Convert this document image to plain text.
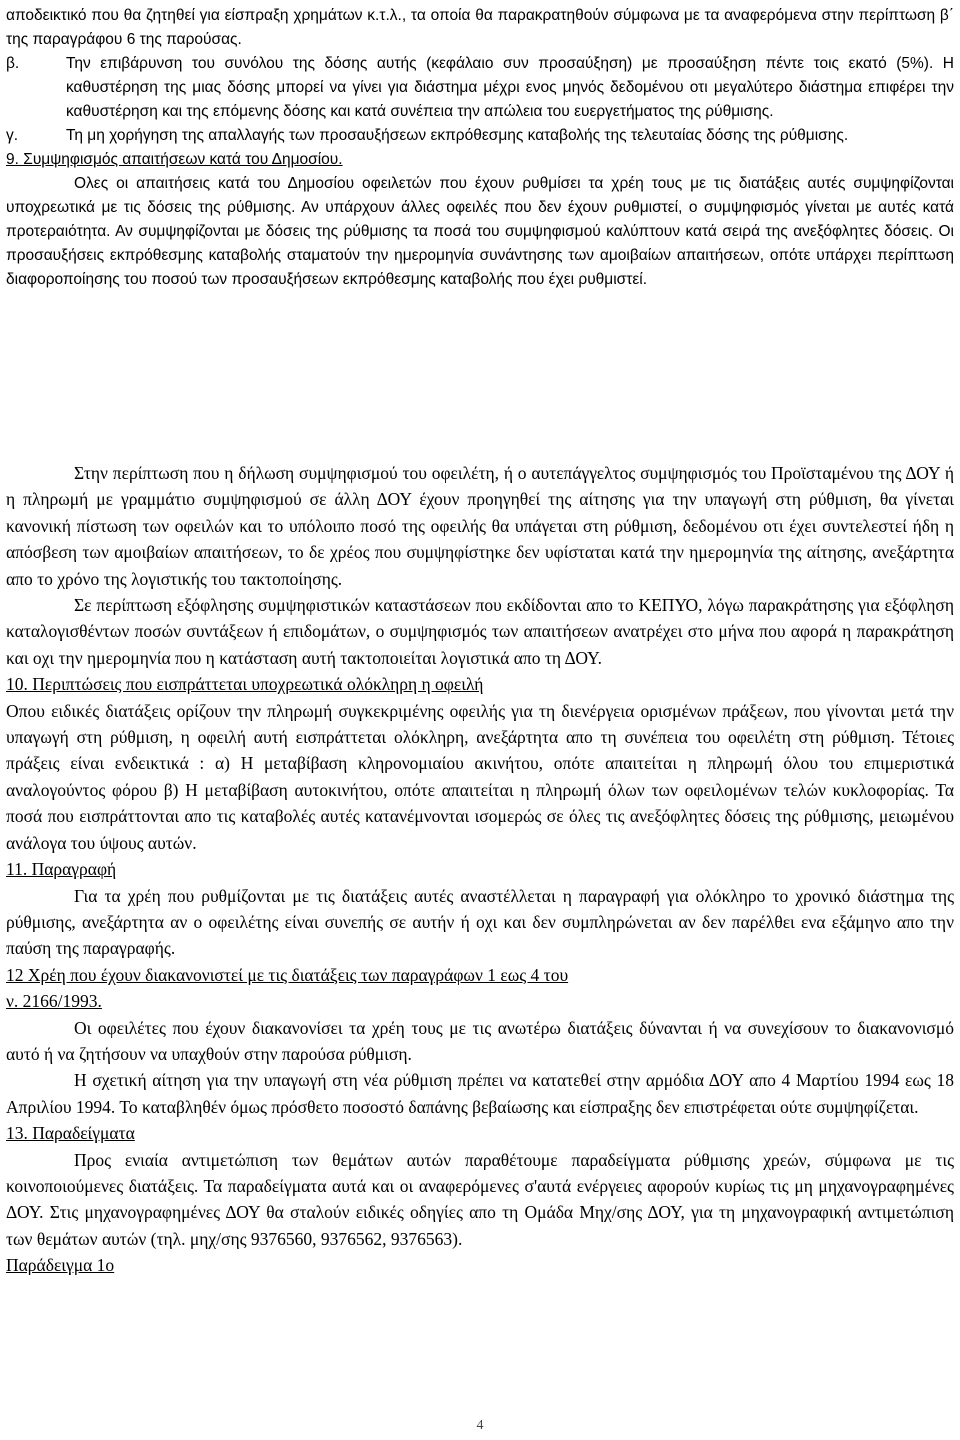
αποδεικτικό που θα ζητηθεί για είσπραξη χρημάτων κ.τ.λ., τα οποία θα παρακρατηθούν σύμφωνα με τα αναφερόμενα στην περίπτωση β΄ της παραγράφου 6 της παρούσας.
β.	Την επιβάρυνση του συνόλου της δόσης αυτής (κεφάλαιο συν προσαύξηση) με προσαύξηση πέντε τοις εκατό (5%). Η καθυστέρηση της μιας δόσης μπορεί να γίνει για διάστημα μέχρι ενος μηνός δεδομένου οτι μεγαλύτερο διάστημα επιφέρει την καθυστέρηση και της επόμενης δόσης και κατά συνέπεια την απώλεια του ευεργετήματος της ρύθμισης.
γ.	Τη μη χορήγηση της απαλλαγής των προσαυξήσεων εκπρόθεσμης καταβολής της τελευταίας δόσης της ρύθμισης.
9. Συμψηφισμός απαιτήσεων κατά του Δημοσίου.
Ολες οι απαιτήσεις κατά του Δημοσίου οφειλετών που έχουν ρυθμίσει τα χρέη τους με τις διατάξεις αυτές συμψηφίζονται υποχρεωτικά με τις δόσεις της ρύθμισης. Αν υπάρχουν άλλες οφειλές που δεν έχουν ρυθμιστεί, ο συμψηφισμός γίνεται με αυτές κατά προτεραιότητα. Αν συμψηφίζονται με δόσεις της ρύθμισης τα ποσά του συμψηφισμού καλύπτουν κατά σειρά της ανεξόφλητες δόσεις. Οι προσαυξήσεις εκπρόθεσμης καταβολής σταματούν την ημερομηνία συνάντησης των αμοιβαίων απαιτήσεων, οπότε υπάρχει περίπτωση διαφοροποίησης του ποσού των προσαυξήσεων εκπρόθεσμης καταβολής που έχει ρυθμιστεί.

Στην περίπτωση που η δήλωση συμψηφισμού του οφειλέτη, ή ο αυτεπάγγελτος συμψηφισμός του Προϊσταμένου της ΔΟΥ ή η πληρωμή με γραμμάτιο συμψηφισμού σε άλλη ΔΟΥ έχουν προηγηθεί της αίτησης για την υπαγωγή στη ρύθμιση, θα γίνεται κανονική πίστωση των οφειλών και το υπόλοιπο ποσό της οφειλής θα υπάγεται στη ρύθμιση, δεδομένου οτι έχει συντελεστεί ήδη η απόσβεση των αμοιβαίων απαιτήσεων, το δε χρέος που συμψηφίστηκε δεν υφίσταται κατά την ημερομηνία της αίτησης, ανεξάρτητα απο το χρόνο της λογιστικής του τακτοποίησης.

Σε περίπτωση εξόφλησης συμψηφιστικών καταστάσεων που εκδίδονται απο το ΚΕΠΥΟ, λόγω παρακράτησης για εξόφληση καταλογισθέντων ποσών συντάξεων ή επιδομάτων, ο συμψηφισμός των απαιτήσεων ανατρέχει στο μήνα που αφορά η παρακράτηση και οχι την ημερομηνία που η κατάσταση αυτή τακτοποιείται λογιστικά απο τη ΔΟΥ.

10. Περιπτώσεις που εισπράττεται υποχρεωτικά ολόκληρη η οφειλή

Οπου ειδικές διατάξεις ορίζουν την πληρωμή συγκεκριμένης οφειλής για τη διενέργεια ορισμένων πράξεων, που γίνονται μετά την υπαγωγή στη ρύθμιση, η οφειλή αυτή εισπράττεται ολόκληρη, ανεξάρτητα απο τη συνέπεια του οφειλέτη στη ρύθμιση. Τέτοιες πράξεις είναι ενδεικτικά : α) Η μεταβίβαση κληρονομιαίου ακινήτου, οπότε απαιτείται η πληρωμή όλου του επιμεριστικά αναλογούντος φόρου β) Η μεταβίβαση αυτοκινήτου, οπότε απαιτείται η πληρωμή όλων των οφειλομένων τελών κυκλοφορίας. Τα ποσά που εισπράττονται απο τις καταβολές αυτές κατανέμνονται ισομερώς σε όλες τις ανεξόφλητες δόσεις της ρύθμισης, μειωμένου ανάλογα του ύψους αυτών.

11. Παραγραφή

Για τα χρέη που ρυθμίζονται με τις διατάξεις αυτές αναστέλλεται η παραγραφή για ολόκληρο το χρονικό διάστημα της ρύθμισης, ανεξάρτητα αν ο οφειλέτης είναι συνεπής σε αυτήν ή οχι και δεν συμπληρώνεται αν δεν παρέλθει ενα εξάμηνο απο την παύση της παραγραφής.

12 Χρέη που έχουν διακανονιστεί με τις διατάξεις των παραγράφων 1 εως 4 του
ν. 2166/1993.

Οι οφειλέτες που έχουν διακανονίσει τα χρέη τους με τις ανωτέρω διατάξεις δύνανται ή να συνεχίσουν το διακανονισμό αυτό ή να ζητήσουν να υπαχθούν στην παρούσα ρύθμιση.

Η σχετική αίτηση για την υπαγωγή στη νέα ρύθμιση πρέπει να κατατεθεί στην αρμόδια ΔΟΥ απο 4 Μαρτίου 1994 εως 18 Απριλίου 1994. Το καταβληθέν όμως πρόσθετο ποσοστό δαπάνης βεβαίωσης και είσπραξης δεν επιστρέφεται ούτε συμψηφίζεται.

13. Παραδείγματα

Προς ενιαία αντιμετώπιση των θεμάτων αυτών παραθέτουμε παραδείγματα ρύθμισης χρεών, σύμφωνα με τις κοινοποιούμενες διατάξεις. Τα παραδείγματα αυτά και οι αναφερόμενες σ'αυτά ενέργειες αφορούν κυρίως τις μη μηχανογραφημένες ΔΟΥ. Στις μηχανογραφημένες ΔΟΥ θα σταλούν ειδικές οδηγίες απο τη Ομάδα Μηχ/σης ΔΟΥ, για τη μηχανογραφική αντιμετώπιση των θεμάτων αυτών (τηλ. μηχ/σης 9376560, 9376562, 9376563).

Παράδειγμα 1ο

4
